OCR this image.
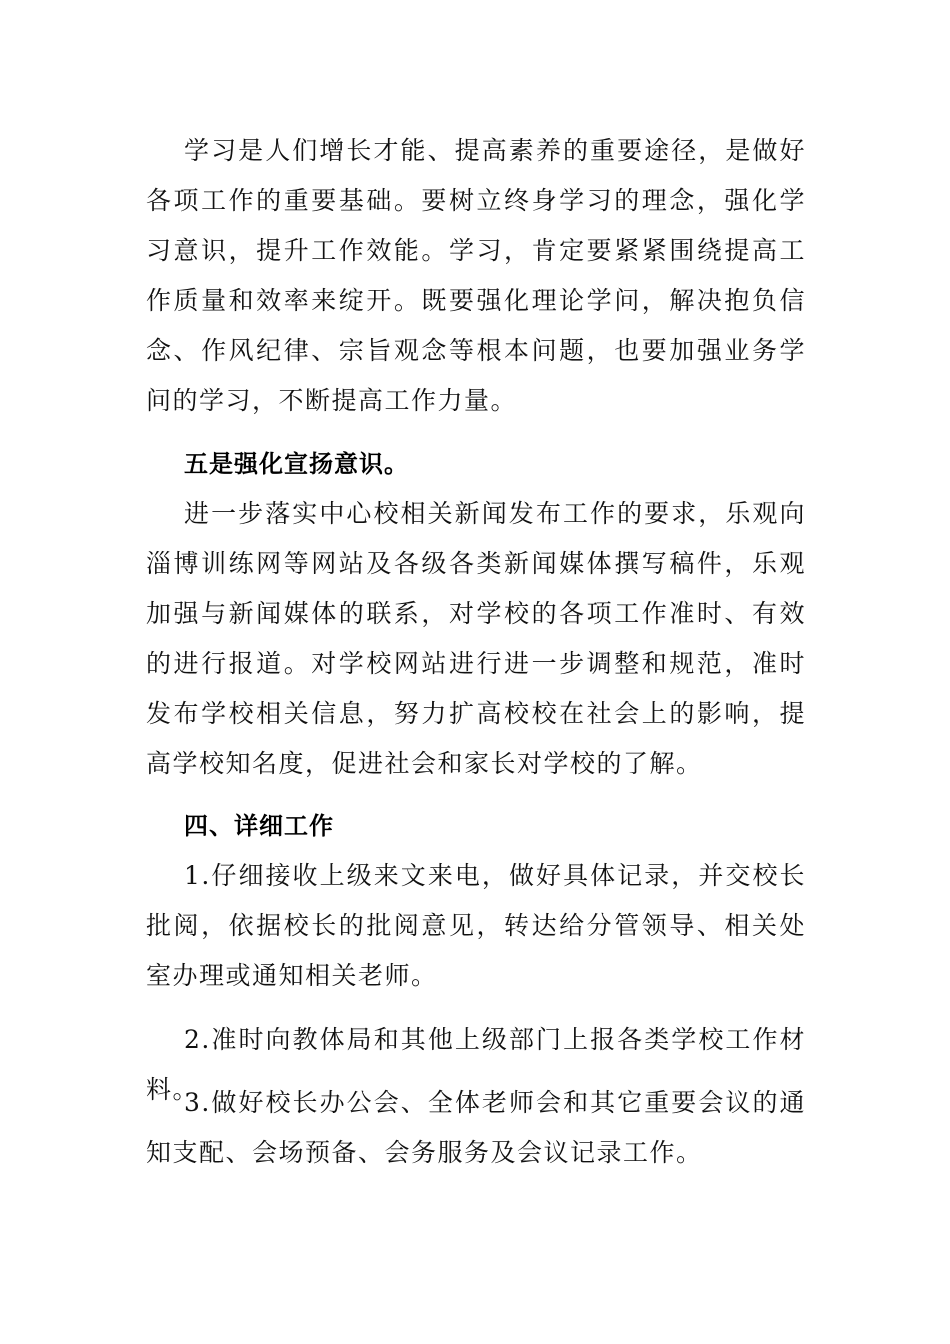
学习是人们增长才能、提高素养的重要途径，是做好各项工作的重要基础。要树立终身学习的理念，强化学习意识，提升工作效能。学习，肯定要紧紧围绕提高工作质量和效率来绽开。既要强化理论学问，解决抱负信念、作风纪律、宗旨观念等根本问题，也要加强业务学问的学习，不断提高工作力量。
五是强化宣扬意识。
进一步落实中心校相关新闻发布工作的要求，乐观向淄博训练网等网站及各级各类新闻媒体撰写稿件，乐观加强与新闻媒体的联系，对学校的各项工作准时、有效的进行报道。对学校网站进行进一步调整和规范，准时发布学校相关信息，努力扩高校校在社会上的影响，提高学校知名度，促进社会和家长对学校的了解。
四、详细工作
1.仔细接收上级来文来电，做好具体记录，并交校长批阅，依据校长的批阅意见，转达给分管领导、相关处室办理或通知相关老师。
2.准时向教体局和其他上级部门上报各类学校工作材料。
3.做好校长办公会、全体老师会和其它重要会议的通知支配、会场预备、会务服务及会议记录工作。
